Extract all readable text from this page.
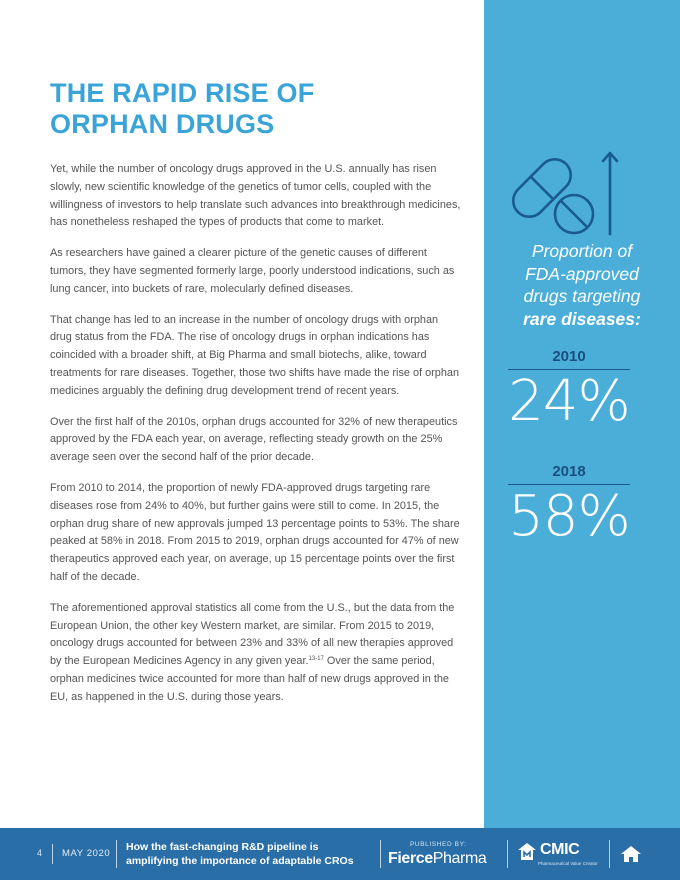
THE RAPID RISE OF
ORPHAN DRUGS

Yet, while the number of oncology drugs approved in the U.S. annually has risen slowly, new scientific knowledge of the genetics of tumor cells, coupled with the willingness of investors to help translate such advances into breakthrough medicines, has nonetheless reshaped the types of products that come to market.

As researchers have gained a clearer picture of the genetic causes of different tumors, they have segmented formerly large, poorly understood indications, such as lung cancer, into buckets of rare, molecularly defined diseases.

That change has led to an increase in the number of oncology drugs with orphan drug status from the FDA. The rise of oncology drugs in orphan indications has coincided with a broader shift, at Big Pharma and small biotechs, alike, toward treatments for rare diseases. Together, those two shifts have made the rise of orphan medicines arguably the defining drug development trend of recent years.

Over the first half of the 2010s, orphan drugs accounted for 32% of new therapeutics approved by the FDA each year, on average, reflecting steady growth on the 25% average seen over the second half of the prior decade.

From 2010 to 2014, the proportion of newly FDA-approved drugs targeting rare diseases rose from 24% to 40%, but further gains were still to come. In 2015, the orphan drug share of new approvals jumped 13 percentage points to 53%. The share peaked at 58% in 2018. From 2015 to 2019, orphan drugs accounted for 47% of new therapeutics approved each year, on average, up 15 percentage points over the first half of the decade.

The aforementioned approval statistics all come from the U.S., but the data from the European Union, the other key Western market, are similar. From 2015 to 2019, oncology drugs accounted for between 23% and 33% of all new therapies approved by the European Medicines Agency in any given year.$^{13-17}$ Over the same period, orphan medicines twice accounted for more than half of new drugs approved in the EU, as happened in the U.S. during those years.

Proportion of
FDA-approved
drugs targeting
rare diseases:

2010
24%
2018
58%
4 MAY 2020
How the fast-changing R&D pipeline is
amplifying the importance of adaptable CROs
PUBLISHED BY:
FiercePharma
CMIC
Pharmaceutical Value Creator
